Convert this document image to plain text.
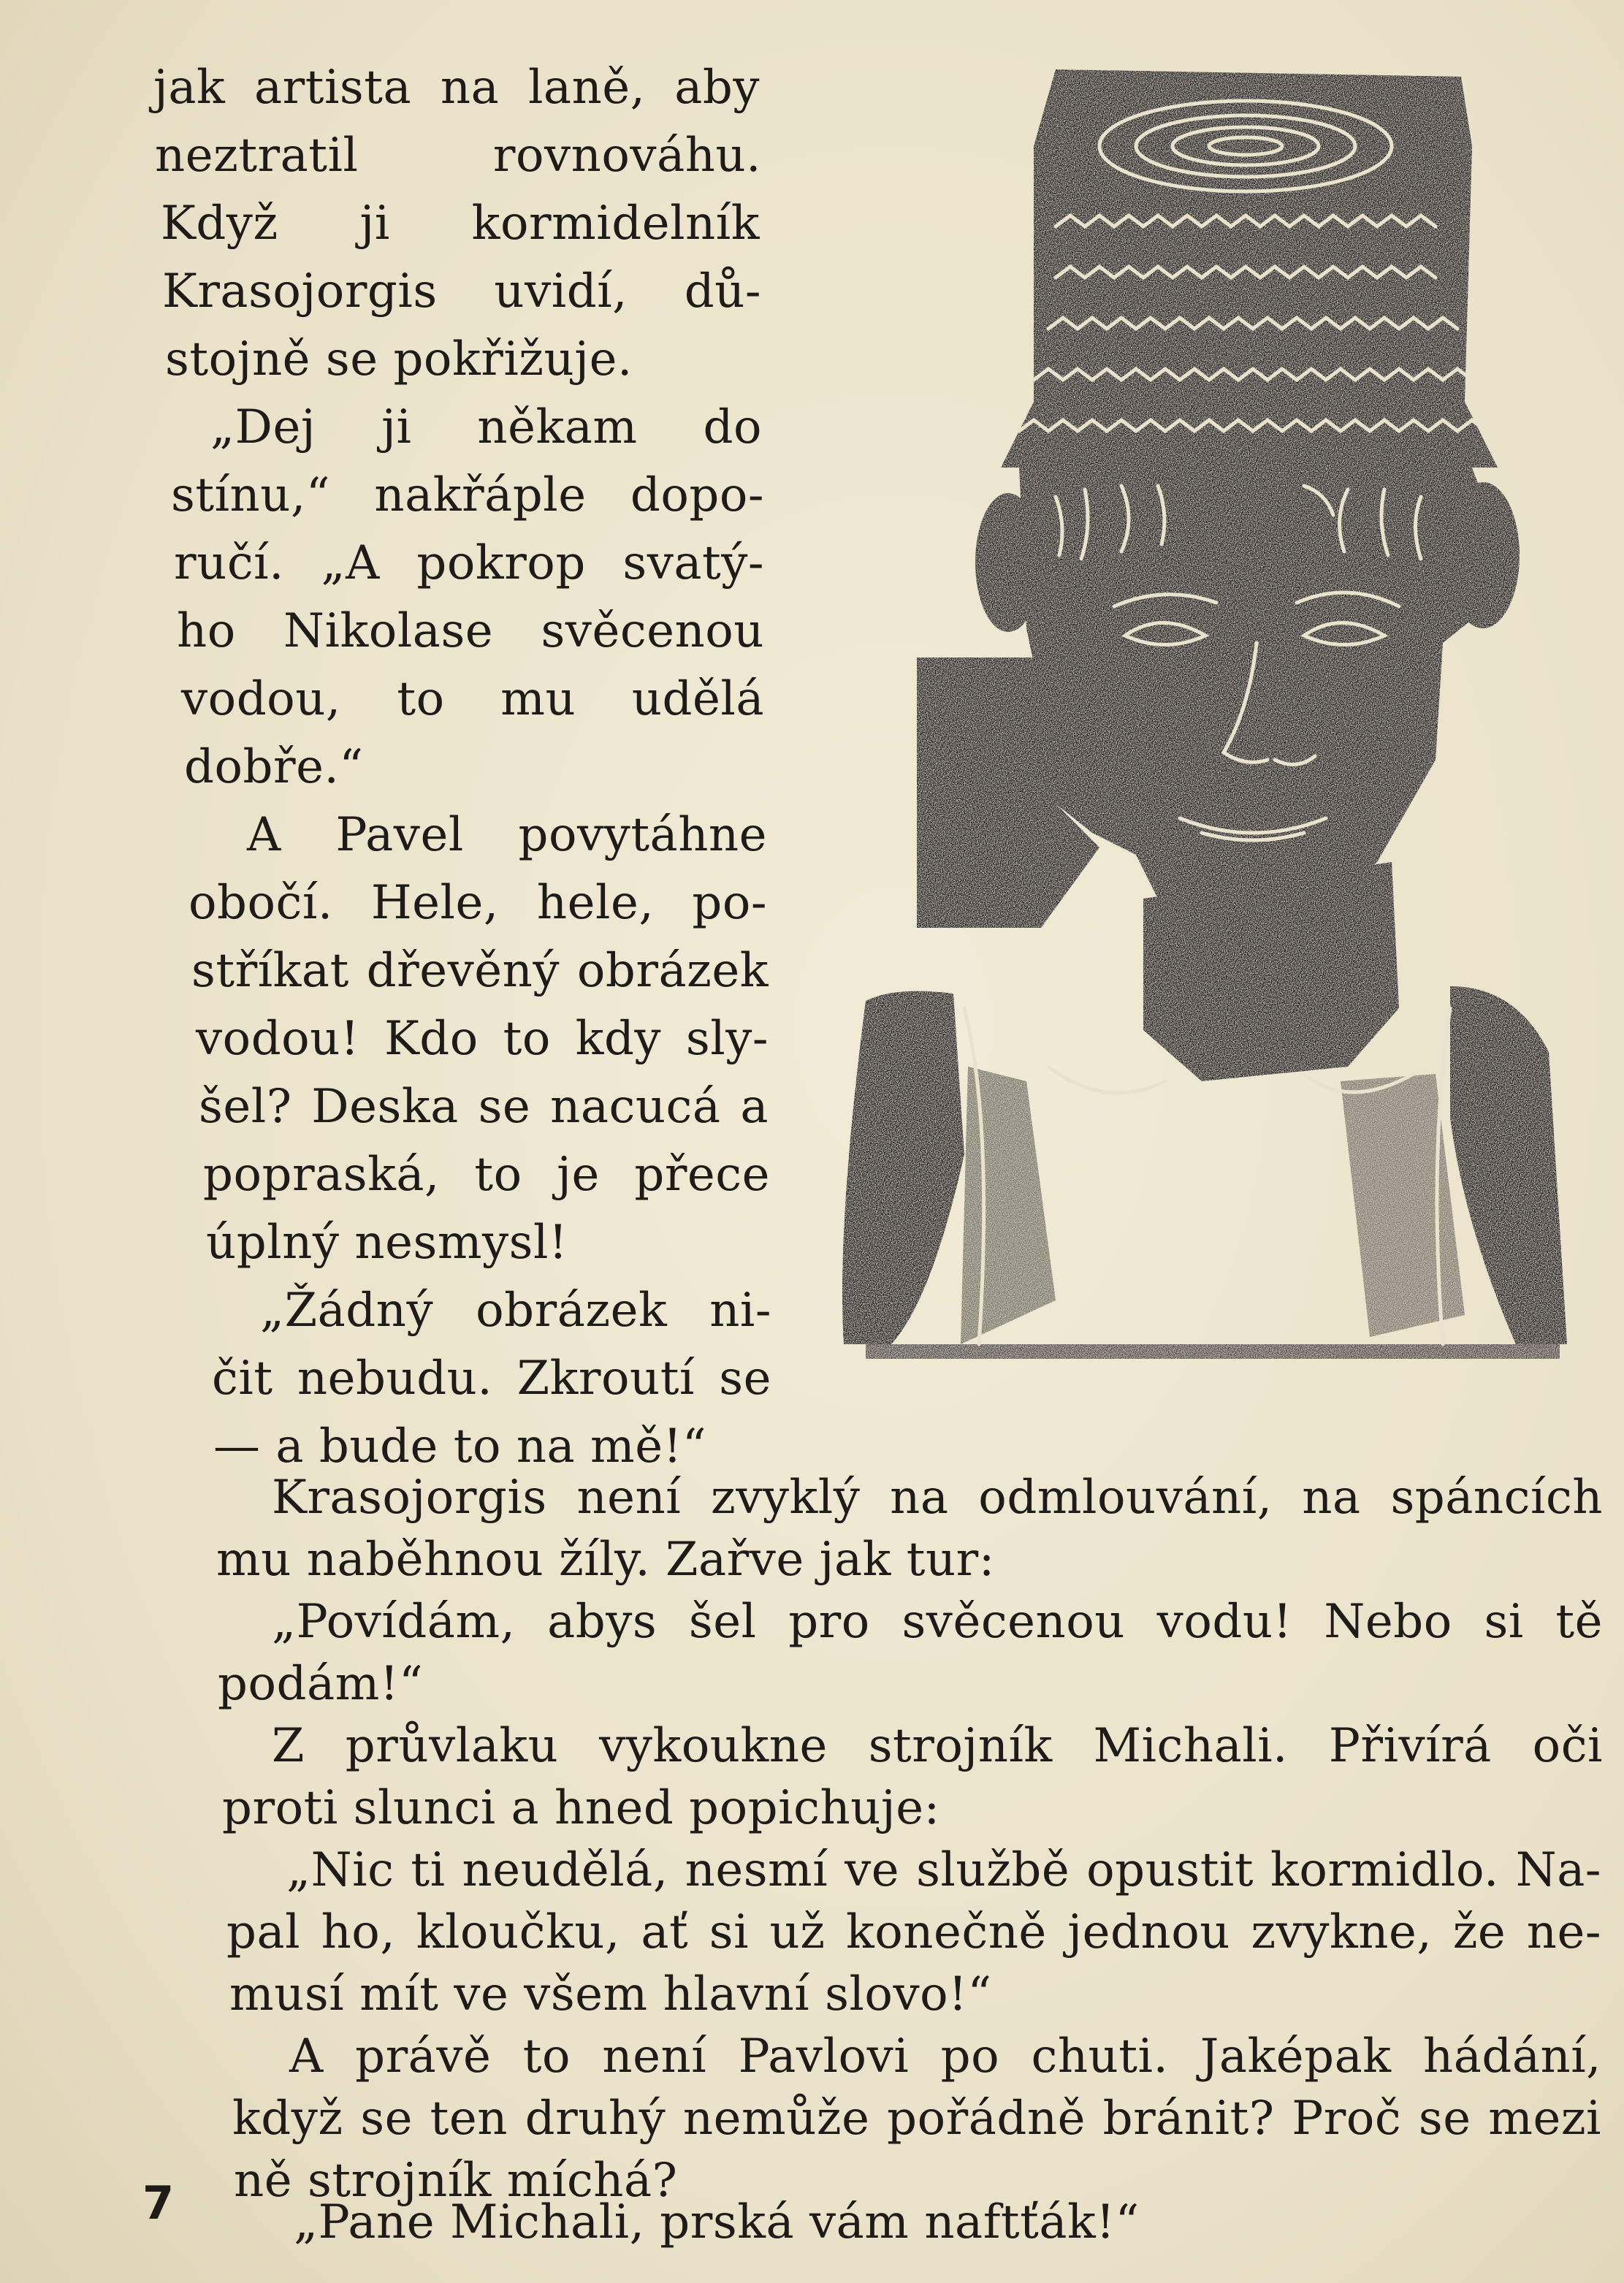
jak artista na laně, aby
neztratil rovnováhu.
Když ji kormidelník
Krasojorgis uvidí, dů-
stojně se pokřižuje.
„Dej ji někam do
stínu,“ nakřáple dopo-
ručí. „A pokrop svatý-
ho Nikolase svěcenou
vodou, to mu udělá
dobře.“
A Pavel povytáhne
obočí. Hele, hele, po-
stříkat dřevěný obrázek
vodou! Kdo to kdy sly-
šel? Deska se nacucá a
popraská, to je přece
úplný nesmysl!
„Žádný obrázek ni-
čit nebudu. Zkroutí se
— a bude to na mě!“
Krasojorgis není zvyklý na odmlouvání, na spáncích
mu naběhnou žíly. Zařve jak tur:
„Povídám, abys šel pro svěcenou vodu! Nebo si tě
podám!“
Z průvlaku vykoukne strojník Michali. Přivírá oči
proti slunci a hned popichuje:
„Nic ti neudělá, nesmí ve službě opustit kormidlo. Na-
pal ho, kloučku, ať si už konečně jednou zvykne, že ne-
musí mít ve všem hlavní slovo!“
A právě to není Pavlovi po chuti. Jaképak hádání,
když se ten druhý nemůže pořádně bránit? Proč se mezi
ně strojník míchá?
„Pane Michali, prská vám naftťák!“
7
